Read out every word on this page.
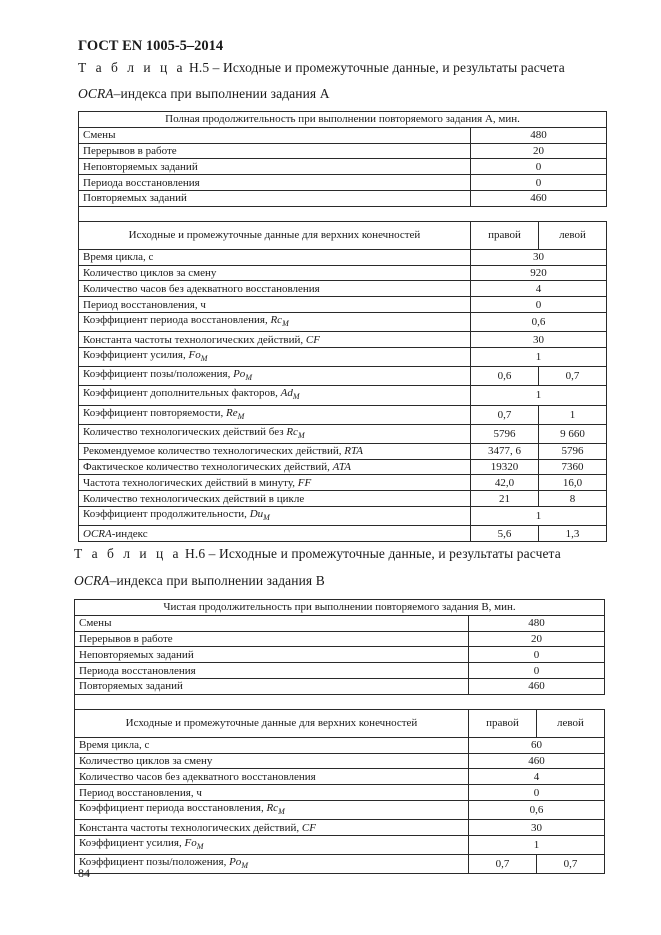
ГОСТ EN 1005-5–2014
Т а б л и ц а Н.5 – Исходные и промежуточные данные, и результаты расчета
OCRA–индекса при выполнении задания А
Полная продолжительность при выполнении повторяемого задания А, мин.		
Смены	480	
Перерывов в работе	20	
Неповторяемых заданий	0	
Периода восстановления	0	
Повторяемых заданий	460	

Исходные и промежуточные данные для верхних конечностей	правой	левой
Время цикла, с	30	
Количество циклов за смену	920	
Количество часов без адекватного восстановления	4	
Период восстановления, ч	0	
Коэффициент периода восстановления, $Rc_M$	0,6	
Константа частоты технологических действий, CF	30	
Коэффициент усилия, $Fo_M$	1	
Коэффициент позы/положения, $Po_M$	0,6	0,7
Коэффициент дополнительных факторов, $Ad_M$	1	
Коэффициент повторяемости, $Re_M$	0,7	1
Количество технологических действий без $Rc_M$	5796	9 660
Рекомендуемое количество технологических действий, RTA	3477, 6	5796
Фактическое количество технологических действий, ATA	19320	7360
Частота технологических действий в минуту, FF	42,0	16,0
Количество технологических действий в цикле	21	8
Коэффициент продолжительности, $Du_M$	1	
OCRA-индекс	5,6	1,3
Т а б л и ц а Н.6 – Исходные и промежуточные данные, и результаты расчета
OCRA–индекса при выполнении задания В
Чистая продолжительность при выполнении повторяемого задания В, мин.		
Смены	480	
Перерывов в работе	20	
Неповторяемых заданий	0	
Периода восстановления	0	
Повторяемых заданий	460	

Исходные и промежуточные данные для верхних конечностей	правой	левой
Время цикла, с	60	
Количество циклов за смену	460	
Количество часов без адекватного восстановления	4	
Период восстановления, ч	0	
Коэффициент периода восстановления, $Rc_M$	0,6	
Константа частоты технологических действий, CF	30	
Коэффициент усилия, $Fo_M$	1	
Коэффициент позы/положения, $Po_M$	0,7	0,7
84
